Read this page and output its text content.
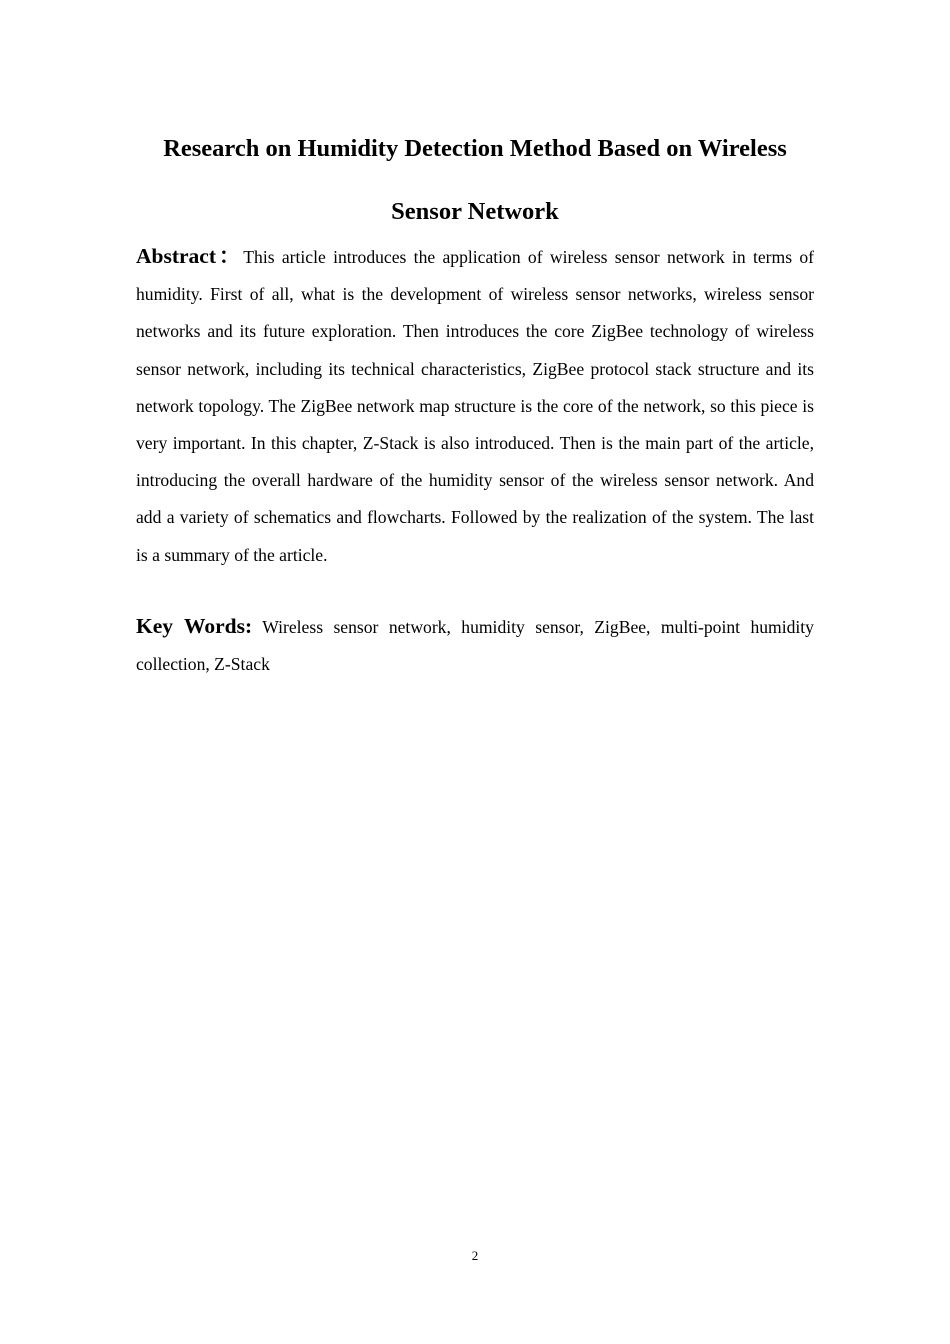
Research on Humidity Detection Method Based on Wireless
Sensor Network

Abstract：This article introduces the application of wireless sensor network in terms of humidity. First of all, what is the development of wireless sensor networks, wireless sensor networks and its future exploration. Then introduces the core ZigBee technology of wireless sensor network, including its technical characteristics, ZigBee protocol stack structure and its network topology. The ZigBee network map structure is the core of the network, so this piece is very important. In this chapter, Z-Stack is also introduced. Then is the main part of the article, introducing the overall hardware of the humidity sensor of the wireless sensor network. And add a variety of schematics and flowcharts. Followed by the realization of the system. The last is a summary of the article.

Key Words: Wireless sensor network, humidity sensor, ZigBee, multi-point humidity collection, Z-Stack

2
